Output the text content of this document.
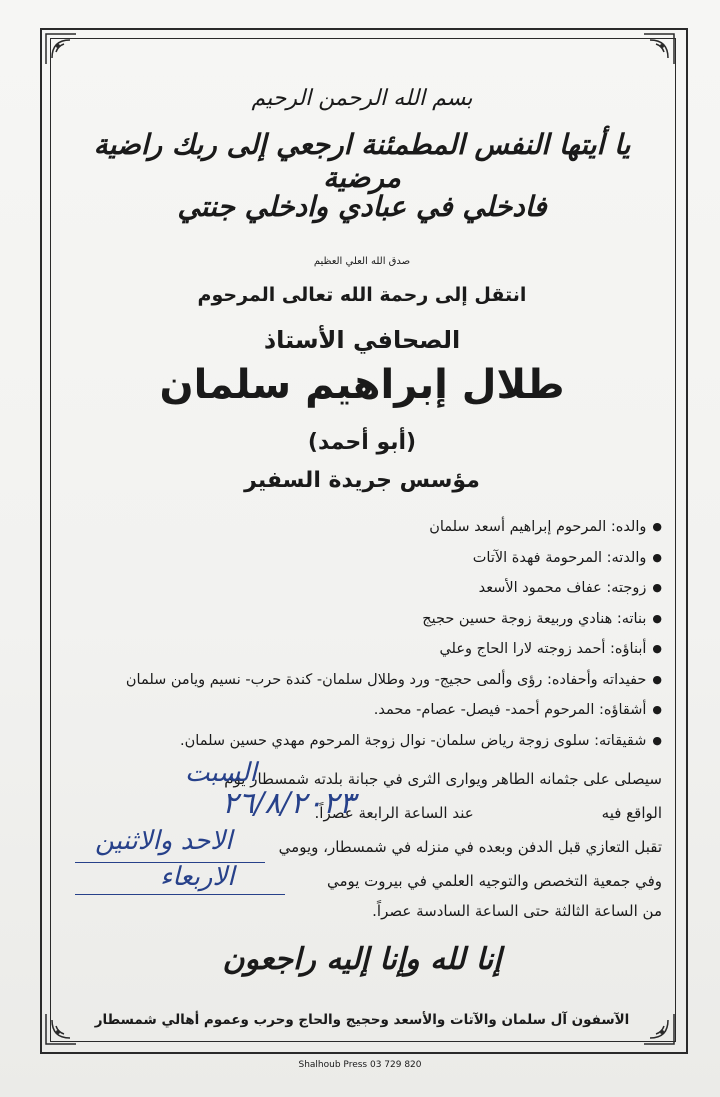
بسم الله الرحمن الرحيم
يا أيتها النفس المطمئنة ارجعي إلى ربك راضية مرضية
فادخلي في عبادي وادخلي جنتي
صدق الله العلي العظيم
انتقل إلى رحمة الله تعالى المرحوم
الصحافي الأستاذ
طلال إبراهيم سلمان
(أبو أحمد)
مؤسس جريدة السفير
●
والده: المرحوم إبراهيم أسعد سلمان
●
والدته: المرحومة فهدة الآتات
●
زوجته: عفاف محمود الأسعد
●
بناته: هنادي وربيعة زوجة حسين حجيج
●
أبناؤه: أحمد زوجته لارا الحاج وعلي
●
حفيداته وأحفاده: رؤى وألمى حجيج- ورد وطلال سلمان- كندة حرب- نسيم ويامن سلمان
●
أشقاؤه: المرحوم أحمد- فيصل- عصام- محمد.
●
شقيقاته: سلوى زوجة رياض سلمان- نوال زوجة المرحوم مهدي حسين سلمان.
سيصلى على جثمانه الطاهر ويوارى الثرى في جبانة بلدته شمسطار يوم
الواقع فيهعند الساعة الرابعة عصراً.
تقبل التعازي قبل الدفن وبعده في منزله في شمسطار، ويومي
وفي جمعية التخصص والتوجيه العلمي في بيروت يومي
من الساعة الثالثة حتى الساعة السادسة عصراً.
السبت
٢٦/٨/٢٠٢٣
الاحد والاثنين
الاربعاء
إنا لله وإنا إليه راجعون
الآسفون آل سلمان والآتات والأسعد وحجيج والحاج وحرب وعموم أهالي شمسطار
Shalhoub Press 03 729 820
